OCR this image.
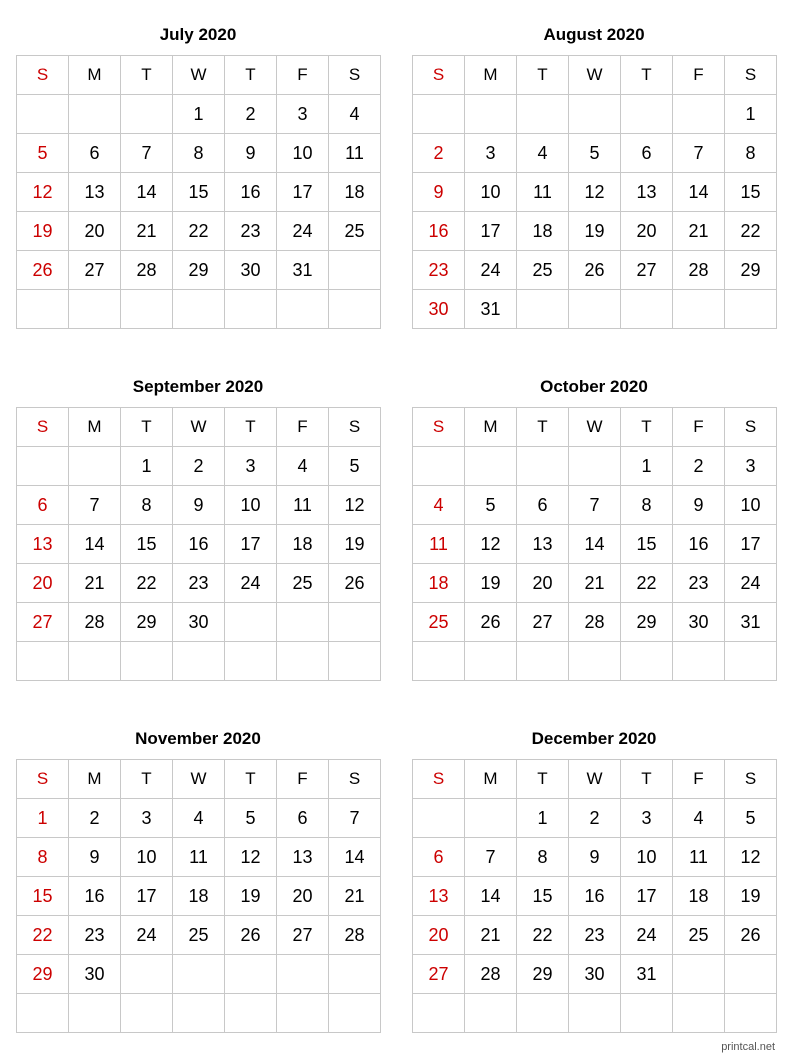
July 2020
S	M	T	W	T	F	S
			1	2	3	4
5	6	7	8	9	10	11
12	13	14	15	16	17	18
19	20	21	22	23	24	25
26	27	28	29	30	31	

August 2020
S	M	T	W	T	F	S
						1
2	3	4	5	6	7	8
9	10	11	12	13	14	15
16	17	18	19	20	21	22
23	24	25	26	27	28	29
30	31					
September 2020
S	M	T	W	T	F	S
		1	2	3	4	5
6	7	8	9	10	11	12
13	14	15	16	17	18	19
20	21	22	23	24	25	26
27	28	29	30			

October 2020
S	M	T	W	T	F	S
				1	2	3
4	5	6	7	8	9	10
11	12	13	14	15	16	17
18	19	20	21	22	23	24
25	26	27	28	29	30	31

November 2020
S	M	T	W	T	F	S
1	2	3	4	5	6	7
8	9	10	11	12	13	14
15	16	17	18	19	20	21
22	23	24	25	26	27	28
29	30					

December 2020
S	M	T	W	T	F	S
		1	2	3	4	5
6	7	8	9	10	11	12
13	14	15	16	17	18	19
20	21	22	23	24	25	26
27	28	29	30	31		

printcal.net
